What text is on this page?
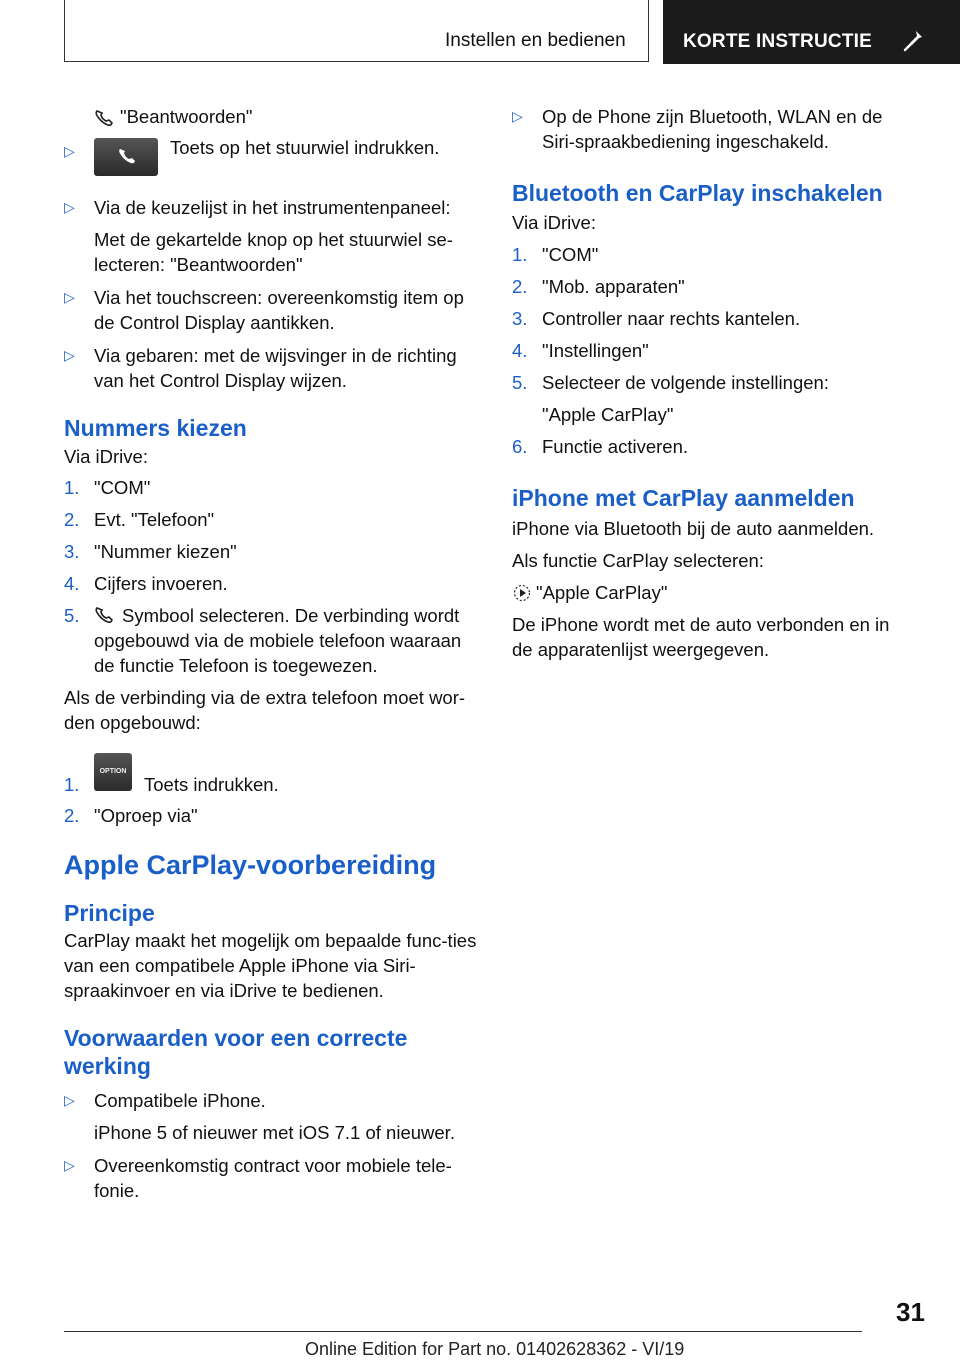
Instellen en bedienen	KORTE INSTRUCTIE
"Beantwoorden"
▷	Toets op het stuurwiel indrukken.
▷ Via de keuzelijst in het instrumentenpaneel:

Met de gekartelde knop op het stuurwiel se-lecteren: "Beantwoorden"

▷ Via het touchscreen: overeenkomstig item op de Control Display aantikken.

▷ Via gebaren: met de wijsvinger in de richting van het Control Display wijzen.

Nummers kiezen

Via iDrive:

1. "COM"
2. Evt. "Telefoon"
3. "Nummer kiezen"
4. Cijfers invoeren.
5. Symbool selecteren. De verbinding wordt opgebouwd via de mobiele telefoon waaraan de functie Telefoon is toegewezen.

Als de verbinding via de extra telefoon moet wor-den opgebouwd:

1.
OPTION
Toets indrukken.
2. "Oproep via"
Apple CarPlay-voorbereiding
Principe

CarPlay maakt het mogelijk om bepaalde func-ties van een compatibele Apple iPhone via Siri-spraakinvoer en via iDrive te bedienen.

Voorwaarden voor een correcte werking
▷ Compatibele iPhone.

iPhone 5 of nieuwer met iOS 7.1 of nieuwer.

▷ Overeenkomstig contract voor mobiele tele-fonie.

▷ Op de Phone zijn Bluetooth, WLAN en de Siri-spraakbediening ingeschakeld.

Bluetooth en CarPlay inschakelen

Via iDrive:

1. "COM"
2. "Mob. apparaten"
3. Controller naar rechts kantelen.
4. "Instellingen"
5. Selecteer de volgende instellingen:

"Apple CarPlay"

6. Functie activeren.
iPhone met CarPlay aanmelden

iPhone via Bluetooth bij de auto aanmelden.

Als functie CarPlay selecteren:

"Apple CarPlay"

De iPhone wordt met de auto verbonden en in de apparatenlijst weergegeven.

31
Online Edition for Part no. 01402628362 - VI/19
